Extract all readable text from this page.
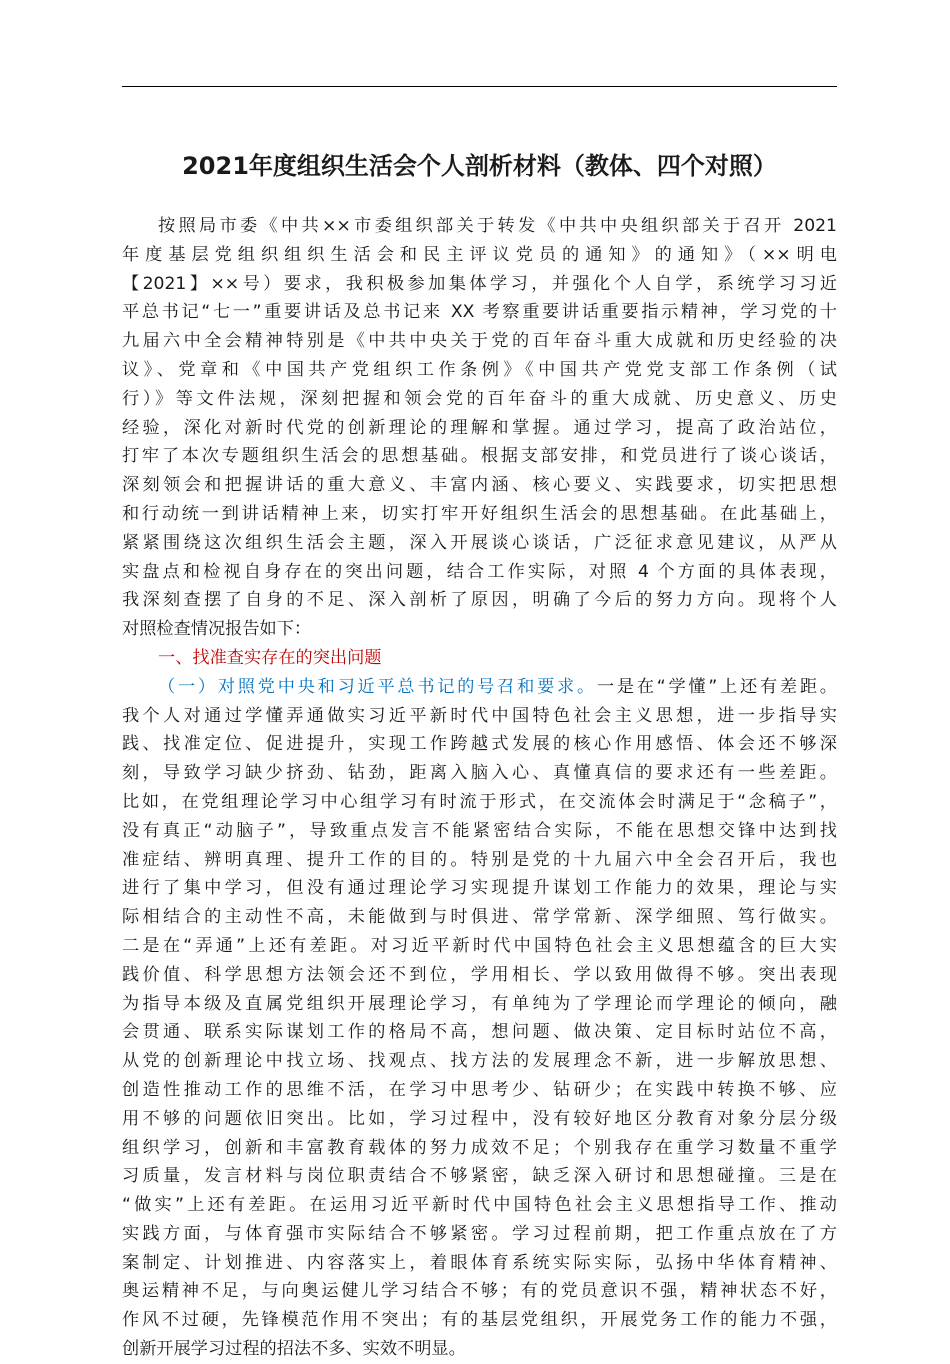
2021年度组织生活会个人剖析材料（教体、四个对照）
按照局市委《中共××市委组织部关于转发《中共中央组织部关于召开 2021
年度基层党组织组织生活会和民主评议党员的通知》的通知》（××明电
【2021】××号）要求，我积极参加集体学习，并强化个人自学，系统学习习近
平总书记“七一”重要讲话及总书记来 XX 考察重要讲话重要指示精神，学习党的十
九届六中全会精神特别是《中共中央关于党的百年奋斗重大成就和历史经验的决
议》、党章和《中国共产党组织工作条例》《中国共产党党支部工作条例（试
行）》等文件法规，深刻把握和领会党的百年奋斗的重大成就、历史意义、历史
经验，深化对新时代党的创新理论的理解和掌握。通过学习，提高了政治站位，
打牢了本次专题组织生活会的思想基础。根据支部安排，和党员进行了谈心谈话，
深刻领会和把握讲话的重大意义、丰富内涵、核心要义、实践要求，切实把思想
和行动统一到讲话精神上来，切实打牢开好组织生活会的思想基础。在此基础上，
紧紧围绕这次组织生活会主题，深入开展谈心谈话，广泛征求意见建议，从严从
实盘点和检视自身存在的突出问题，结合工作实际，对照 4 个方面的具体表现，
我深刻查摆了自身的不足、深入剖析了原因，明确了今后的努力方向。现将个人
对照检查情况报告如下：
一、找准查实存在的突出问题
（一）对照党中央和习近平总书记的号召和要求。一是在“学懂”上还有差距。
我个人对通过学懂弄通做实习近平新时代中国特色社会主义思想，进一步指导实
践、找准定位、促进提升，实现工作跨越式发展的核心作用感悟、体会还不够深
刻，导致学习缺少挤劲、钻劲，距离入脑入心、真懂真信的要求还有一些差距。
比如，在党组理论学习中心组学习有时流于形式，在交流体会时满足于“念稿子”，
没有真正“动脑子”，导致重点发言不能紧密结合实际，不能在思想交锋中达到找
准症结、辨明真理、提升工作的目的。特别是党的十九届六中全会召开后，我也
进行了集中学习，但没有通过理论学习实现提升谋划工作能力的效果，理论与实
际相结合的主动性不高，未能做到与时俱进、常学常新、深学细照、笃行做实。
二是在“弄通”上还有差距。对习近平新时代中国特色社会主义思想蕴含的巨大实
践价值、科学思想方法领会还不到位，学用相长、学以致用做得不够。突出表现
为指导本级及直属党组织开展理论学习，有单纯为了学理论而学理论的倾向，融
会贯通、联系实际谋划工作的格局不高，想问题、做决策、定目标时站位不高，
从党的创新理论中找立场、找观点、找方法的发展理念不新，进一步解放思想、
创造性推动工作的思维不活，在学习中思考少、钻研少；在实践中转换不够、应
用不够的问题依旧突出。比如，学习过程中，没有较好地区分教育对象分层分级
组织学习，创新和丰富教育载体的努力成效不足；个别我存在重学习数量不重学
习质量，发言材料与岗位职责结合不够紧密，缺乏深入研讨和思想碰撞。三是在
“做实”上还有差距。在运用习近平新时代中国特色社会主义思想指导工作、推动
实践方面，与体育强市实际结合不够紧密。学习过程前期，把工作重点放在了方
案制定、计划推进、内容落实上，着眼体育系统实际实际，弘扬中华体育精神、
奥运精神不足，与向奥运健儿学习结合不够；有的党员意识不强，精神状态不好，
作风不过硬，先锋模范作用不突出；有的基层党组织，开展党务工作的能力不强，
创新开展学习过程的招法不多、实效不明显。
